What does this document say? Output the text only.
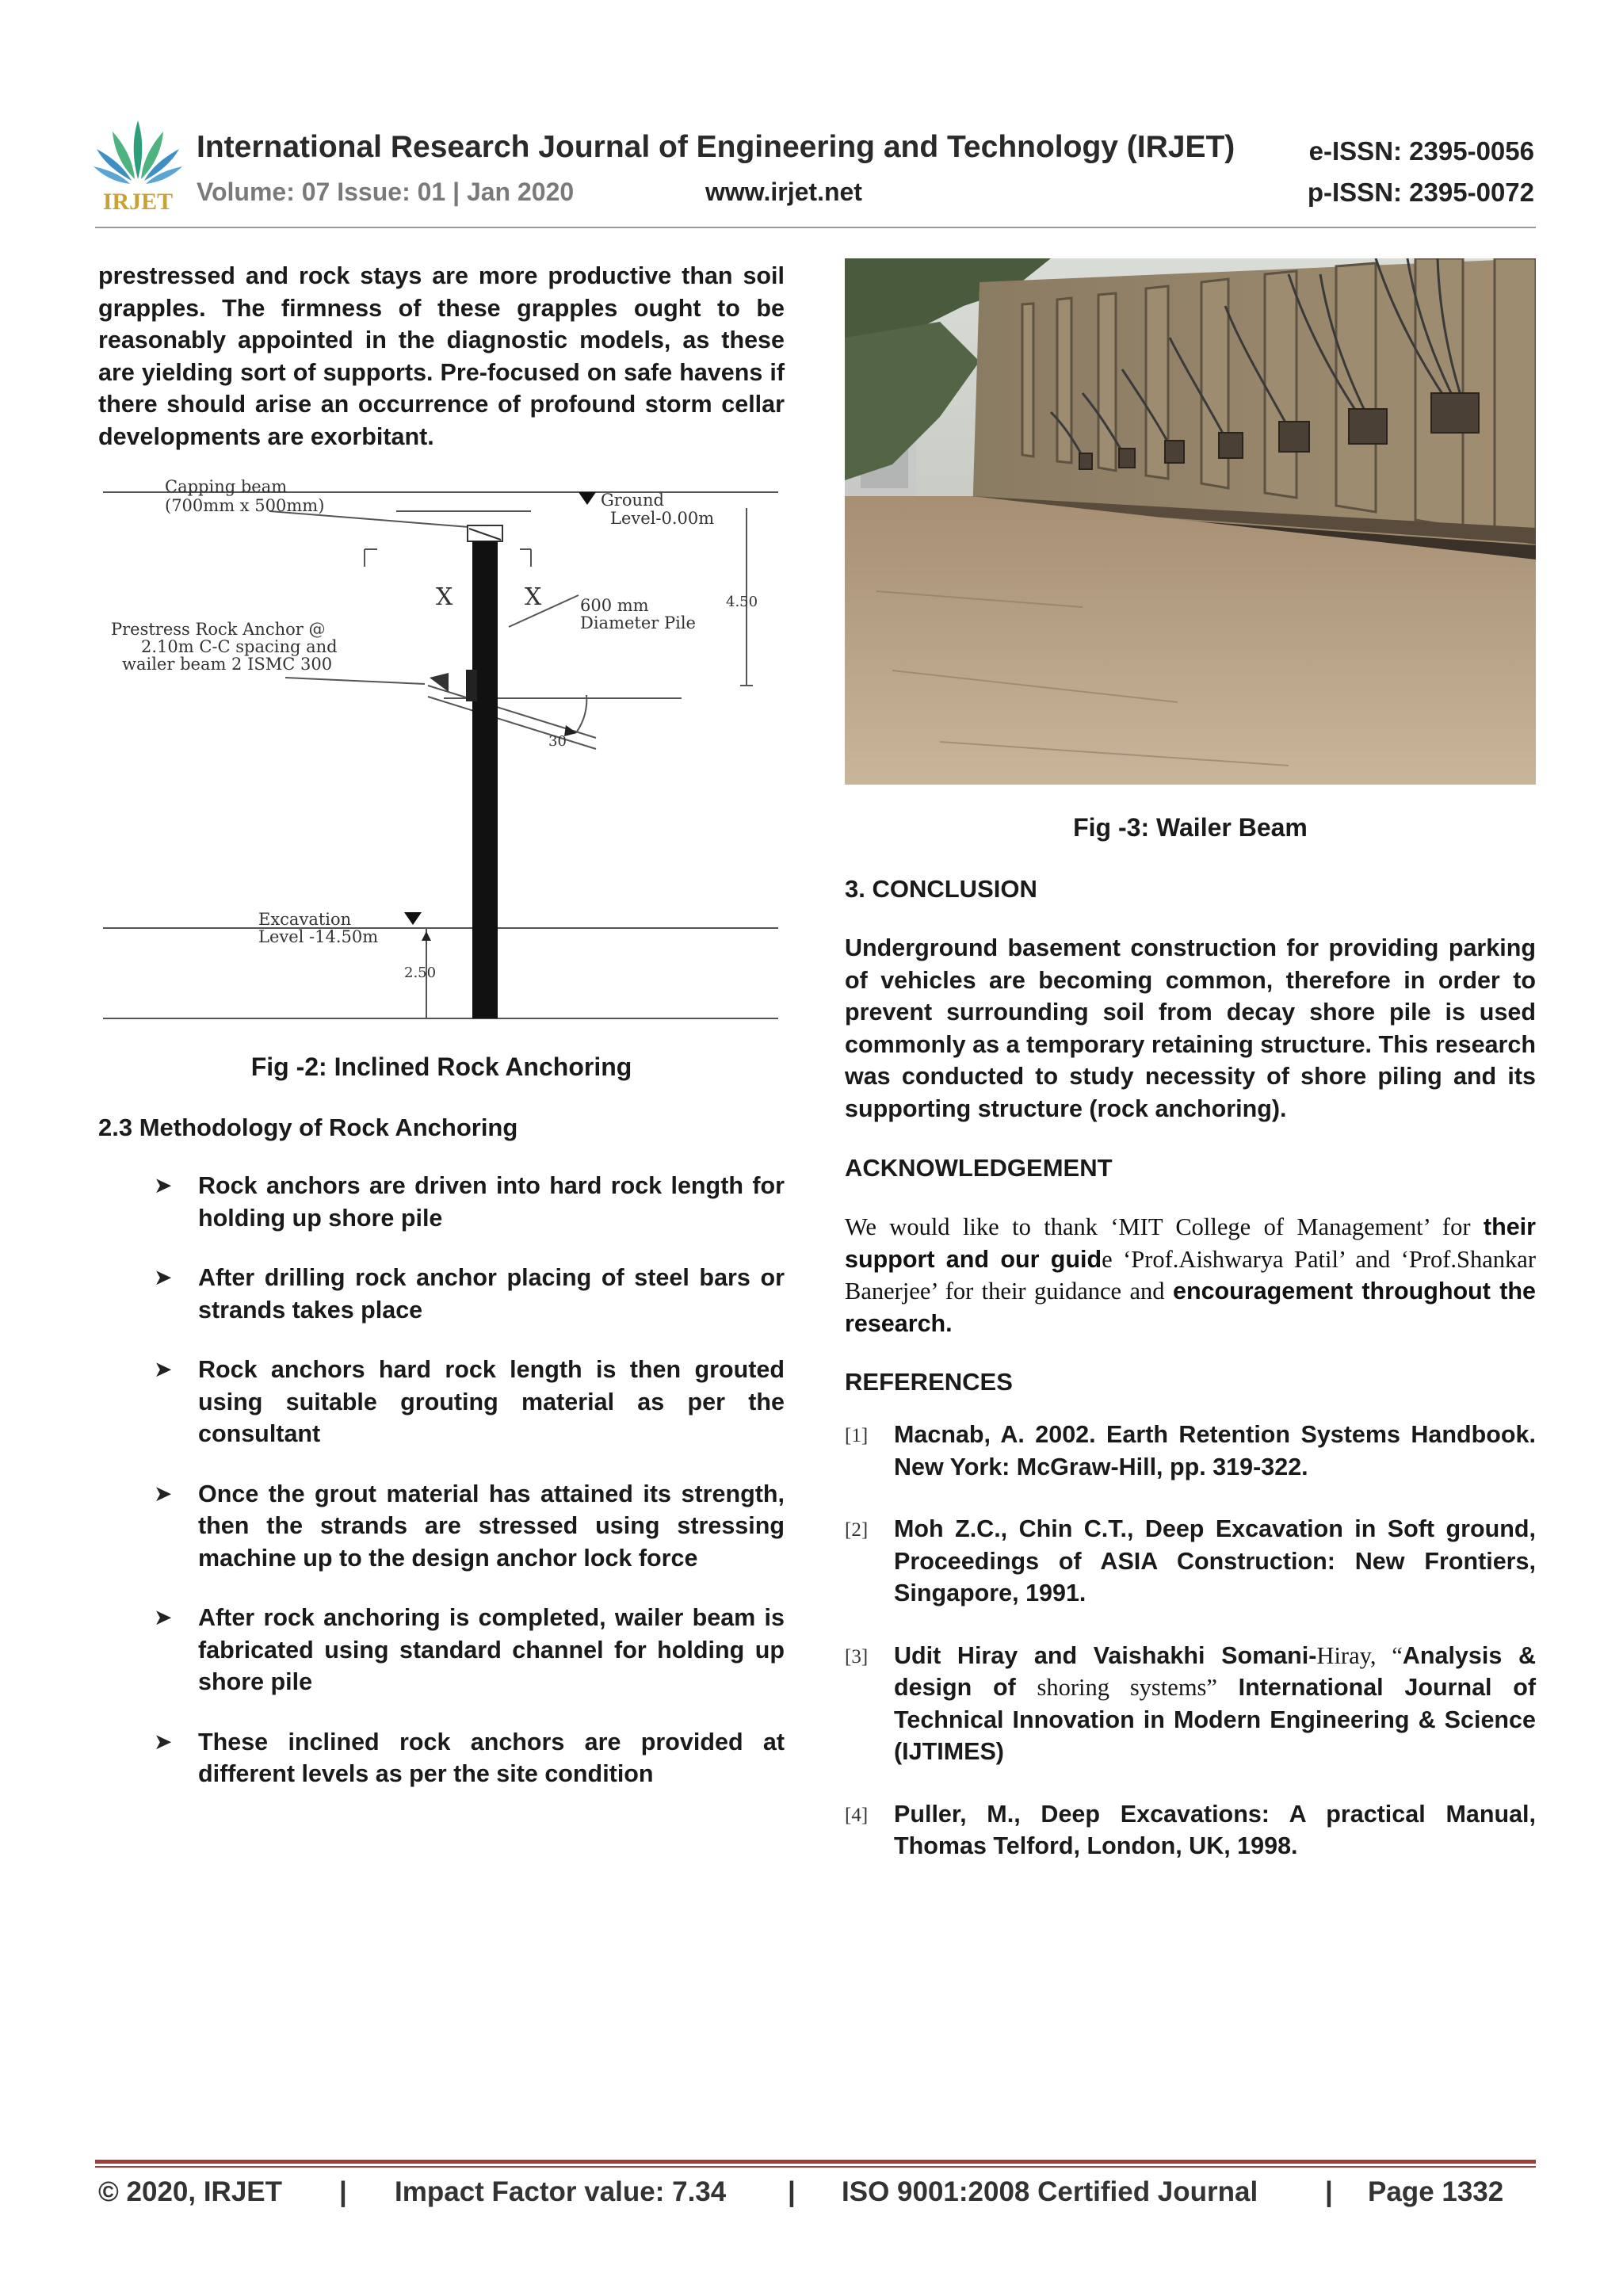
IRJET
International Research Journal of Engineering and Technology (IRJET)
Volume: 07 Issue: 01 | Jan 2020	www.irjet.net
e-ISSN: 2395-0056
p-ISSN: 2395-0072
prestressed and rock stays are more productive than soil grapples. The firmness of these grapples ought to be reasonably appointed in the diagnostic models, as these are yielding sort of supports. Pre-focused on safe havens if there should arise an occurrence of profound storm cellar developments are exorbitant.
Capping beam
(700mm x 500mm)	Ground
Level-0.00m
600 mm
Diameter Pile
4.50
Prestress Rock Anchor @
2.10m C-C spacing and
wailer beam 2 ISMC 300
30
Excavation
Level -14.50m
2.50
X	X
Fig -2: Inclined Rock Anchoring
2.3 Methodology of Rock Anchoring
➤ Rock anchors are driven into hard rock length for holding up shore pile
➤ After drilling rock anchor placing of steel bars or strands takes place
➤ Rock anchors hard rock length is then grouted using suitable grouting material as per the consultant
➤ Once the grout material has attained its strength, then the strands are stressed using stressing machine up to the design anchor lock force
➤ After rock anchoring is completed, wailer beam is fabricated using standard channel for holding up shore pile
➤ These inclined rock anchors are provided at different levels as per the site condition
Fig -3: Wailer Beam
3. CONCLUSION
Underground basement construction for providing parking of vehicles are becoming common, therefore in order to prevent surrounding soil from decay shore pile is used commonly as a temporary retaining structure. This research was conducted to study necessity of shore piling and its supporting structure (rock anchoring).
ACKNOWLEDGEMENT
We would like to thank ‘MIT College of Management’ for their support and our guide ‘Prof.Aishwarya Patil’ and ‘Prof.Shankar Banerjee’ for their guidance and encouragement throughout the research.
REFERENCES
[1] Macnab, A. 2002. Earth Retention Systems Handbook. New York: McGraw-Hill, pp. 319-322.
[2] Moh Z.C., Chin C.T., Deep Excavation in Soft ground, Proceedings of ASIA Construction: New Frontiers, Singapore, 1991.
[3] Udit Hiray and Vaishakhi Somani-Hiray, “Analysis & design of shoring systems” International Journal of Technical Innovation in Modern Engineering & Science (IJTIMES)
[4] Puller, M., Deep Excavations: A practical Manual, Thomas Telford, London, UK, 1998.
© 2020, IRJET | Impact Factor value: 7.34 | ISO 9001:2008 Certified Journal | Page 1332
